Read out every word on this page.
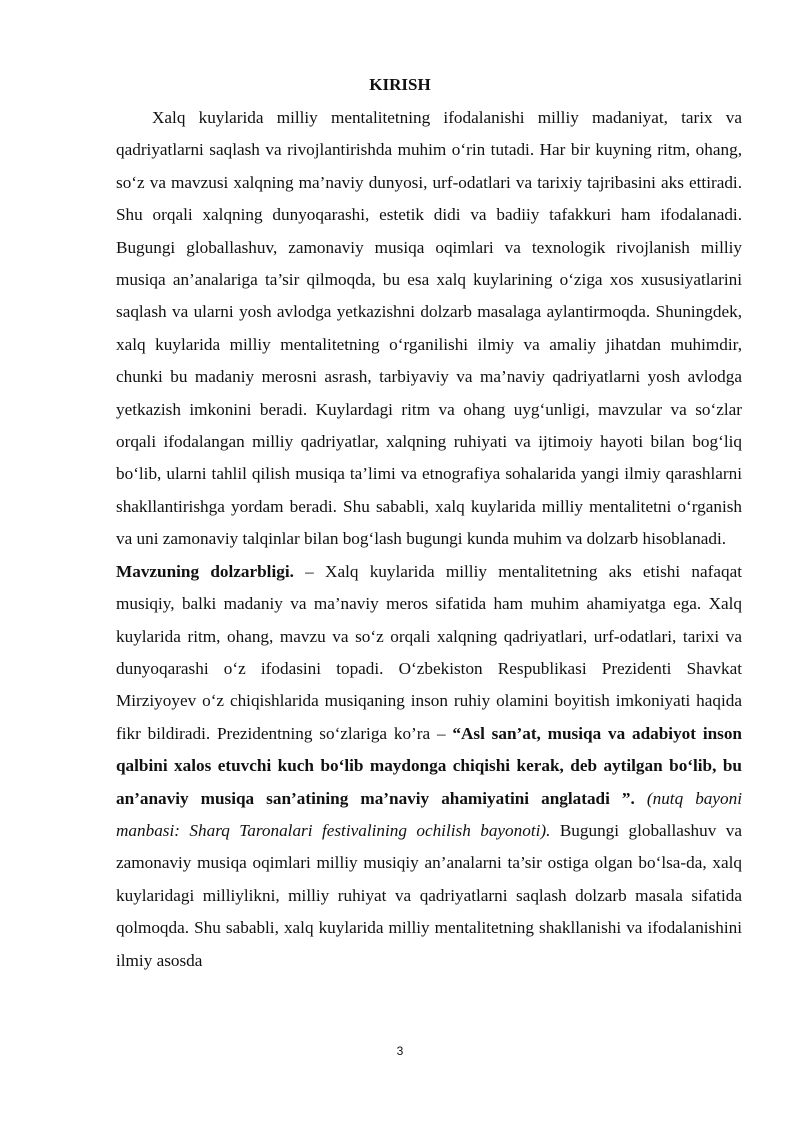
KIRISH

Xalq kuylarida milliy mentalitetning ifodalanishi milliy madaniyat, tarix va qadriyatlarni saqlash va rivojlantirishda muhim o‘rin tutadi. Har bir kuyning ritm, ohang, so‘z va mavzusi xalqning ma’naviy dunyosi, urf-odatlari va tarixiy tajribasini aks ettiradi. Shu orqali xalqning dunyoqarashi, estetik didi va badiiy tafakkuri ham ifodalanadi. Bugungi globallashuv, zamonaviy musiqa oqimlari va texnologik rivojlanish milliy musiqa an’analariga ta’sir qilmoqda, bu esa xalq kuylarining o‘ziga xos xususiyatlarini saqlash va ularni yosh avlodga yetkazishni dolzarb masalaga aylantirmoqda. Shuningdek, xalq kuylarida milliy mentalitetning o‘rganilishi ilmiy va amaliy jihatdan muhimdir, chunki bu madaniy merosni asrash, tarbiyaviy va ma’naviy qadriyatlarni yosh avlodga yetkazish imkonini beradi. Kuylardagi ritm va ohang uyg‘unligi, mavzular va so‘zlar orqali ifodalangan milliy qadriyatlar, xalqning ruhiyati va ijtimoiy hayoti bilan bog‘liq bo‘lib, ularni tahlil qilish musiqa ta’limi va etnografiya sohalarida yangi ilmiy qarashlarni shakllantirishga yordam beradi. Shu sababli, xalq kuylarida milliy mentalitetni o‘rganish va uni zamonaviy talqinlar bilan bog‘lash bugungi kunda muhim va dolzarb hisoblanadi.

Mavzuning dolzarbligi. – Xalq kuylarida milliy mentalitetning aks etishi nafaqat musiqiy, balki madaniy va ma’naviy meros sifatida ham muhim ahamiyatga ega. Xalq kuylarida ritm, ohang, mavzu va so‘z orqali xalqning qadriyatlari, urf-odatlari, tarixi va dunyoqarashi o‘z ifodasini topadi. O‘zbekiston Respublikasi Prezidenti Shavkat Mirziyoyev o‘z chiqishlarida musiqaning inson ruhiy olamini boyitish imkoniyati haqida fikr bildiradi. Prezidentning so‘zlariga ko’ra – “Asl san’at, musiqa va adabiyot inson qalbini xalos etuvchi kuch bo‘lib maydonga chiqishi kerak, deb aytilgan bo‘lib, bu an’anaviy musiqa san’atining ma’naviy ahamiyatini anglatadi ”. (nutq bayoni manbasi: Sharq Taronalari festivalining ochilish bayonoti). Bugungi globallashuv va zamonaviy musiqa oqimlari milliy musiqiy an’analarni ta’sir ostiga olgan bo‘lsa-da, xalq kuylaridagi milliylikni, milliy ruhiyat va qadriyatlarni saqlash dolzarb masala sifatida qolmoqda. Shu sababli, xalq kuylarida milliy mentalitetning shakllanishi va ifodalanishini ilmiy asosda

3
